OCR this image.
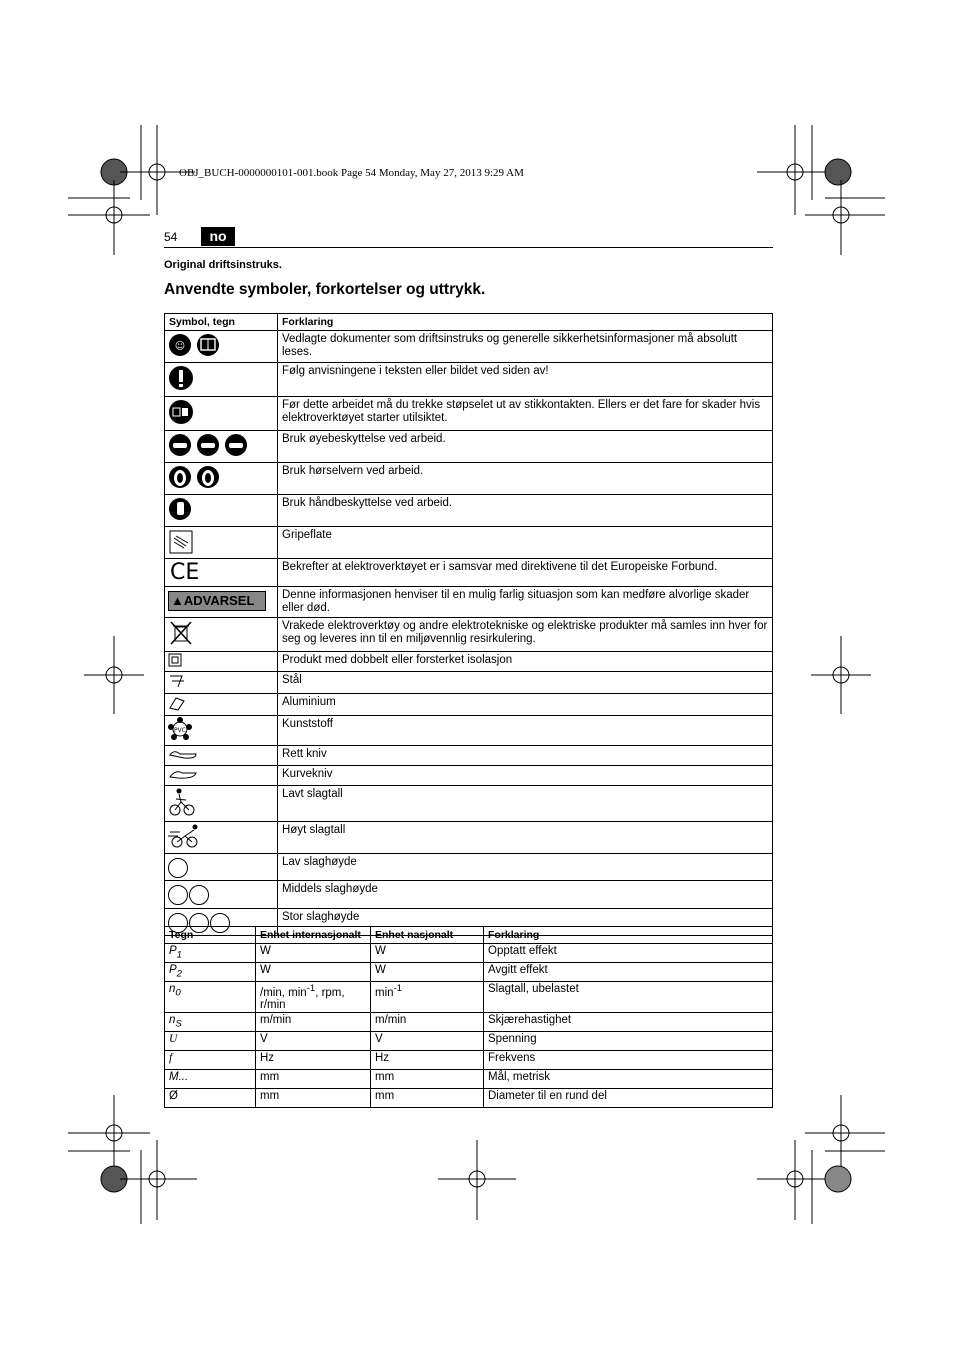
OBJ_BUCH-0000000101-001.book Page 54 Monday, May 27, 2013 9:29 AM
54	no
Original driftsinstruks.
Anvendte symboler, forkortelser og uttrykk.
Symbol, tegn	Forklaring

☺	Vedlagte dokumenter som driftsinstruks og generelle sikkerhetsinformasjoner må absolutt leses.
	Følg anvisningene i teksten eller bildet ved siden av!
	Før dette arbeidet må du trekke støpselet ut av stikkontakten. Ellers er det fare for skader hvis elektroverktøyet starter utilsiktet.
	Bruk øyebeskyttelse ved arbeid.
	Bruk hørselvern ved arbeid.
	Bruk håndbeskyttelse ved arbeid.
	Gripeflate

CE	Bekrefter at elektroverktøyet er i samsvar med direktivene til det Europeiske Forbund.

▲ADVARSEL	Denne informasjonen henviser til en mulig farlig situasjon som kan medføre alvorlige skader eller død.
	Vrakede elektroverktøy og andre elektrotekniske og elektriske produkter må samles inn hver for seg og leveres inn til en miljøvennlig resirkulering.
	Produkt med dobbelt eller forsterket isolasjon
	Stål
	Aluminium

PVC	Kunststoff
	Rett kniv
	Kurvekniv
	Lavt slagtall
	Høyt slagtall
	Lav slaghøyde
	Middels slaghøyde
	Stor slaghøyde
Tegn	Enhet internasjonalt	Enhet nasjonalt	Forklaring
$P_1$	W	W	Opptatt effekt
$P_2$	W	W	Avgitt effekt
$n_0$	/min, $\min^{-1}$, rpm, r/min	$\min^{-1}$	Slagtall, ubelastet
$n_S$	m/min	m/min	Skjærehastighet
U	V	V	Spenning
f	Hz	Hz	Frekvens
M...	mm	mm	Mål, metrisk
Ø	mm	mm	Diameter til en rund del
